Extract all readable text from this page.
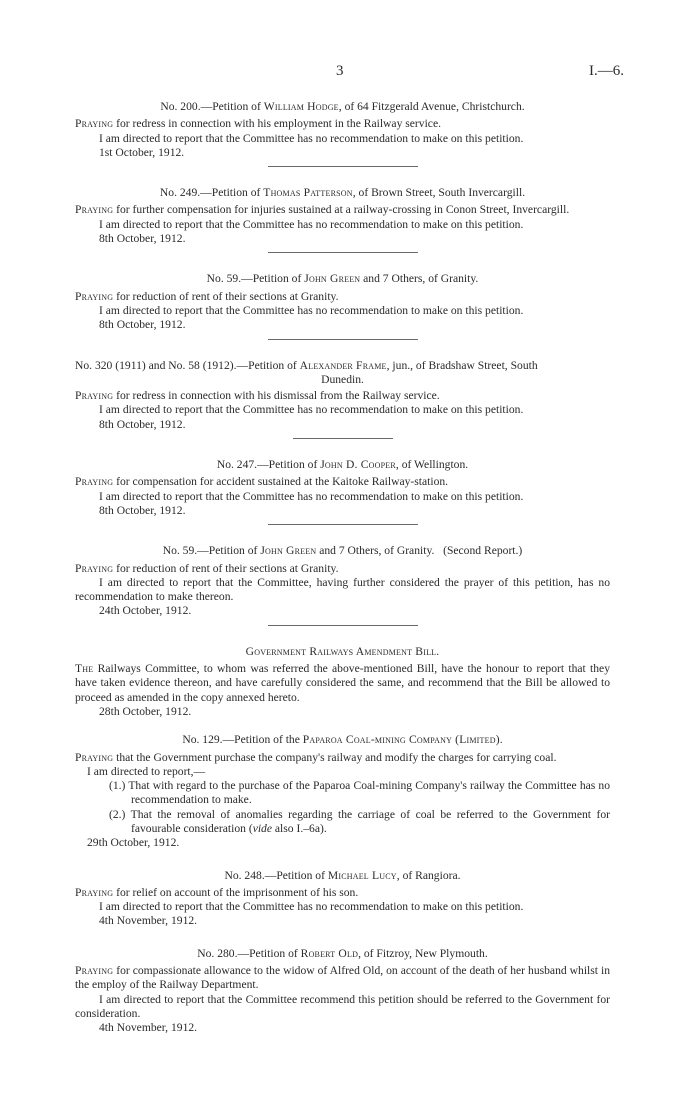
3	I.—6.

No. 200.—Petition of William Hodge, of 64 Fitzgerald Avenue, Christchurch.

Praying for redress in connection with his employment in the Railway service.

I am directed to report that the Committee has no recommendation to make on this petition.

1st October, 1912.

No. 249.—Petition of Thomas Patterson, of Brown Street, South Invercargill.

Praying for further compensation for injuries sustained at a railway-crossing in Conon Street, Invercargill.

I am directed to report that the Committee has no recommendation to make on this petition.

8th October, 1912.

No. 59.—Petition of John Green and 7 Others, of Granity.

Praying for reduction of rent of their sections at Granity.

I am directed to report that the Committee has no recommendation to make on this petition.

8th October, 1912.

No. 320 (1911) and No. 58 (1912).—Petition of Alexander Frame, jun., of Bradshaw Street, South

Dunedin.

Praying for redress in connection with his dismissal from the Railway service.

I am directed to report that the Committee has no recommendation to make on this petition.

8th October, 1912.

No. 247.—Petition of John D. Cooper, of Wellington.

Praying for compensation for accident sustained at the Kaitoke Railway-station.

I am directed to report that the Committee has no recommendation to make on this petition.

8th October, 1912.

No. 59.—Petition of John Green and 7 Others, of Granity.   (Second Report.)

Praying for reduction of rent of their sections at Granity.

I am directed to report that the Committee, having further considered the prayer of this petition, has no recommendation to make thereon.

24th October, 1912.

Government Railways Amendment Bill.

The Railways Committee, to whom was referred the above-mentioned Bill, have the honour to report that they have taken evidence thereon, and have carefully considered the same, and recommend that the Bill be allowed to proceed as amended in the copy annexed hereto.

28th October, 1912.

No. 129.—Petition of the Paparoa Coal-mining Company (Limited).

Praying that the Government purchase the company's railway and modify the charges for carrying coal.

I am directed to report,—

(1.) That with regard to the purchase of the Paparoa Coal-mining Company's railway the Committee has no recommendation to make.

(2.) That the removal of anomalies regarding the carriage of coal be referred to the Government for favourable consideration (vide also I.–6a).

29th October, 1912.

No. 248.—Petition of Michael Lucy, of Rangiora.

Praying for relief on account of the imprisonment of his son.

I am directed to report that the Committee has no recommendation to make on this petition.

4th November, 1912.

No. 280.—Petition of Robert Old, of Fitzroy, New Plymouth.

Praying for compassionate allowance to the widow of Alfred Old, on account of the death of her husband whilst in the employ of the Railway Department.

I am directed to report that the Committee recommend this petition should be referred to the Government for consideration.

4th November, 1912.
